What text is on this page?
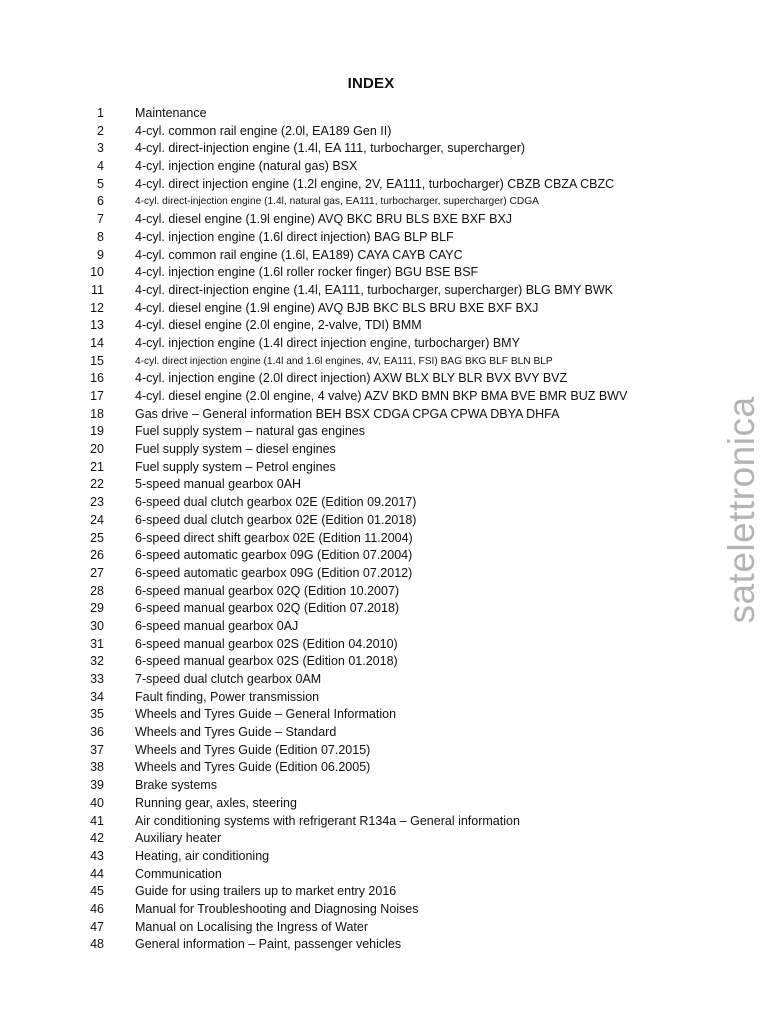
INDEX
1 Maintenance
2 4-cyl. common rail engine (2.0l, EA189 Gen II)
3 4-cyl. direct-injection engine (1.4l, EA 111, turbocharger, supercharger)
4 4-cyl. injection engine (natural gas) BSX
5 4-cyl. direct injection engine (1.2l engine, 2V, EA111, turbocharger) CBZB CBZA CBZC
6	4-cyl. direct-injection engine (1.4l, natural gas, EA111, turbocharger, supercharger) CDGA
7 4-cyl. diesel engine (1.9l engine) AVQ BKC BRU BLS BXE BXF BXJ
8 4-cyl. injection engine (1.6l direct injection) BAG BLP BLF
9 4-cyl. common rail engine (1.6l, EA189) CAYA CAYB CAYC
10 4-cyl. injection engine (1.6l roller rocker finger) BGU BSE BSF
11 4-cyl. direct-injection engine (1.4l, EA111, turbocharger, supercharger) BLG BMY BWK
12 4-cyl. diesel engine (1.9l engine) AVQ BJB BKC BLS BRU BXE BXF BXJ
13 4-cyl. diesel engine (2.0l engine, 2-valve, TDI) BMM
14 4-cyl. injection engine (1.4l direct injection engine, turbocharger) BMY
15	4-cyl. direct injection engine (1.4l and 1.6l engines, 4V, EA111, FSI) BAG BKG BLF BLN BLP
16 4-cyl. injection engine (2.0l direct injection) AXW BLX BLY BLR BVX BVY BVZ
17 4-cyl. diesel engine (2.0l engine, 4 valve) AZV BKD BMN BKP BMA BVE BMR BUZ BWV
18 Gas drive – General information BEH BSX CDGA CPGA CPWA DBYA DHFA
19 Fuel supply system – natural gas engines
20 Fuel supply system – diesel engines
21 Fuel supply system – Petrol engines
22 5-speed manual gearbox 0AH
23 6-speed dual clutch gearbox 02E (Edition 09.2017)
24 6-speed dual clutch gearbox 02E (Edition 01.2018)
25 6-speed direct shift gearbox 02E (Edition 11.2004)
26 6-speed automatic gearbox 09G (Edition 07.2004)
27 6-speed automatic gearbox 09G (Edition 07.2012)
28 6-speed manual gearbox 02Q (Edition 10.2007)
29 6-speed manual gearbox 02Q (Edition 07.2018)
30 6-speed manual gearbox 0AJ
31 6-speed manual gearbox 02S (Edition 04.2010)
32 6-speed manual gearbox 02S (Edition 01.2018)
33 7-speed dual clutch gearbox 0AM
34 Fault finding, Power transmission
35 Wheels and Tyres Guide – General Information
36 Wheels and Tyres Guide – Standard
37 Wheels and Tyres Guide (Edition 07.2015)
38 Wheels and Tyres Guide (Edition 06.2005)
39 Brake systems
40 Running gear, axles, steering
41 Air conditioning systems with refrigerant R134a – General information
42 Auxiliary heater
43 Heating, air conditioning
44 Communication
45 Guide for using trailers up to market entry 2016
46 Manual for Troubleshooting and Diagnosing Noises
47 Manual on Localising the Ingress of Water
48 General information – Paint, passenger vehicles
satelettronica
